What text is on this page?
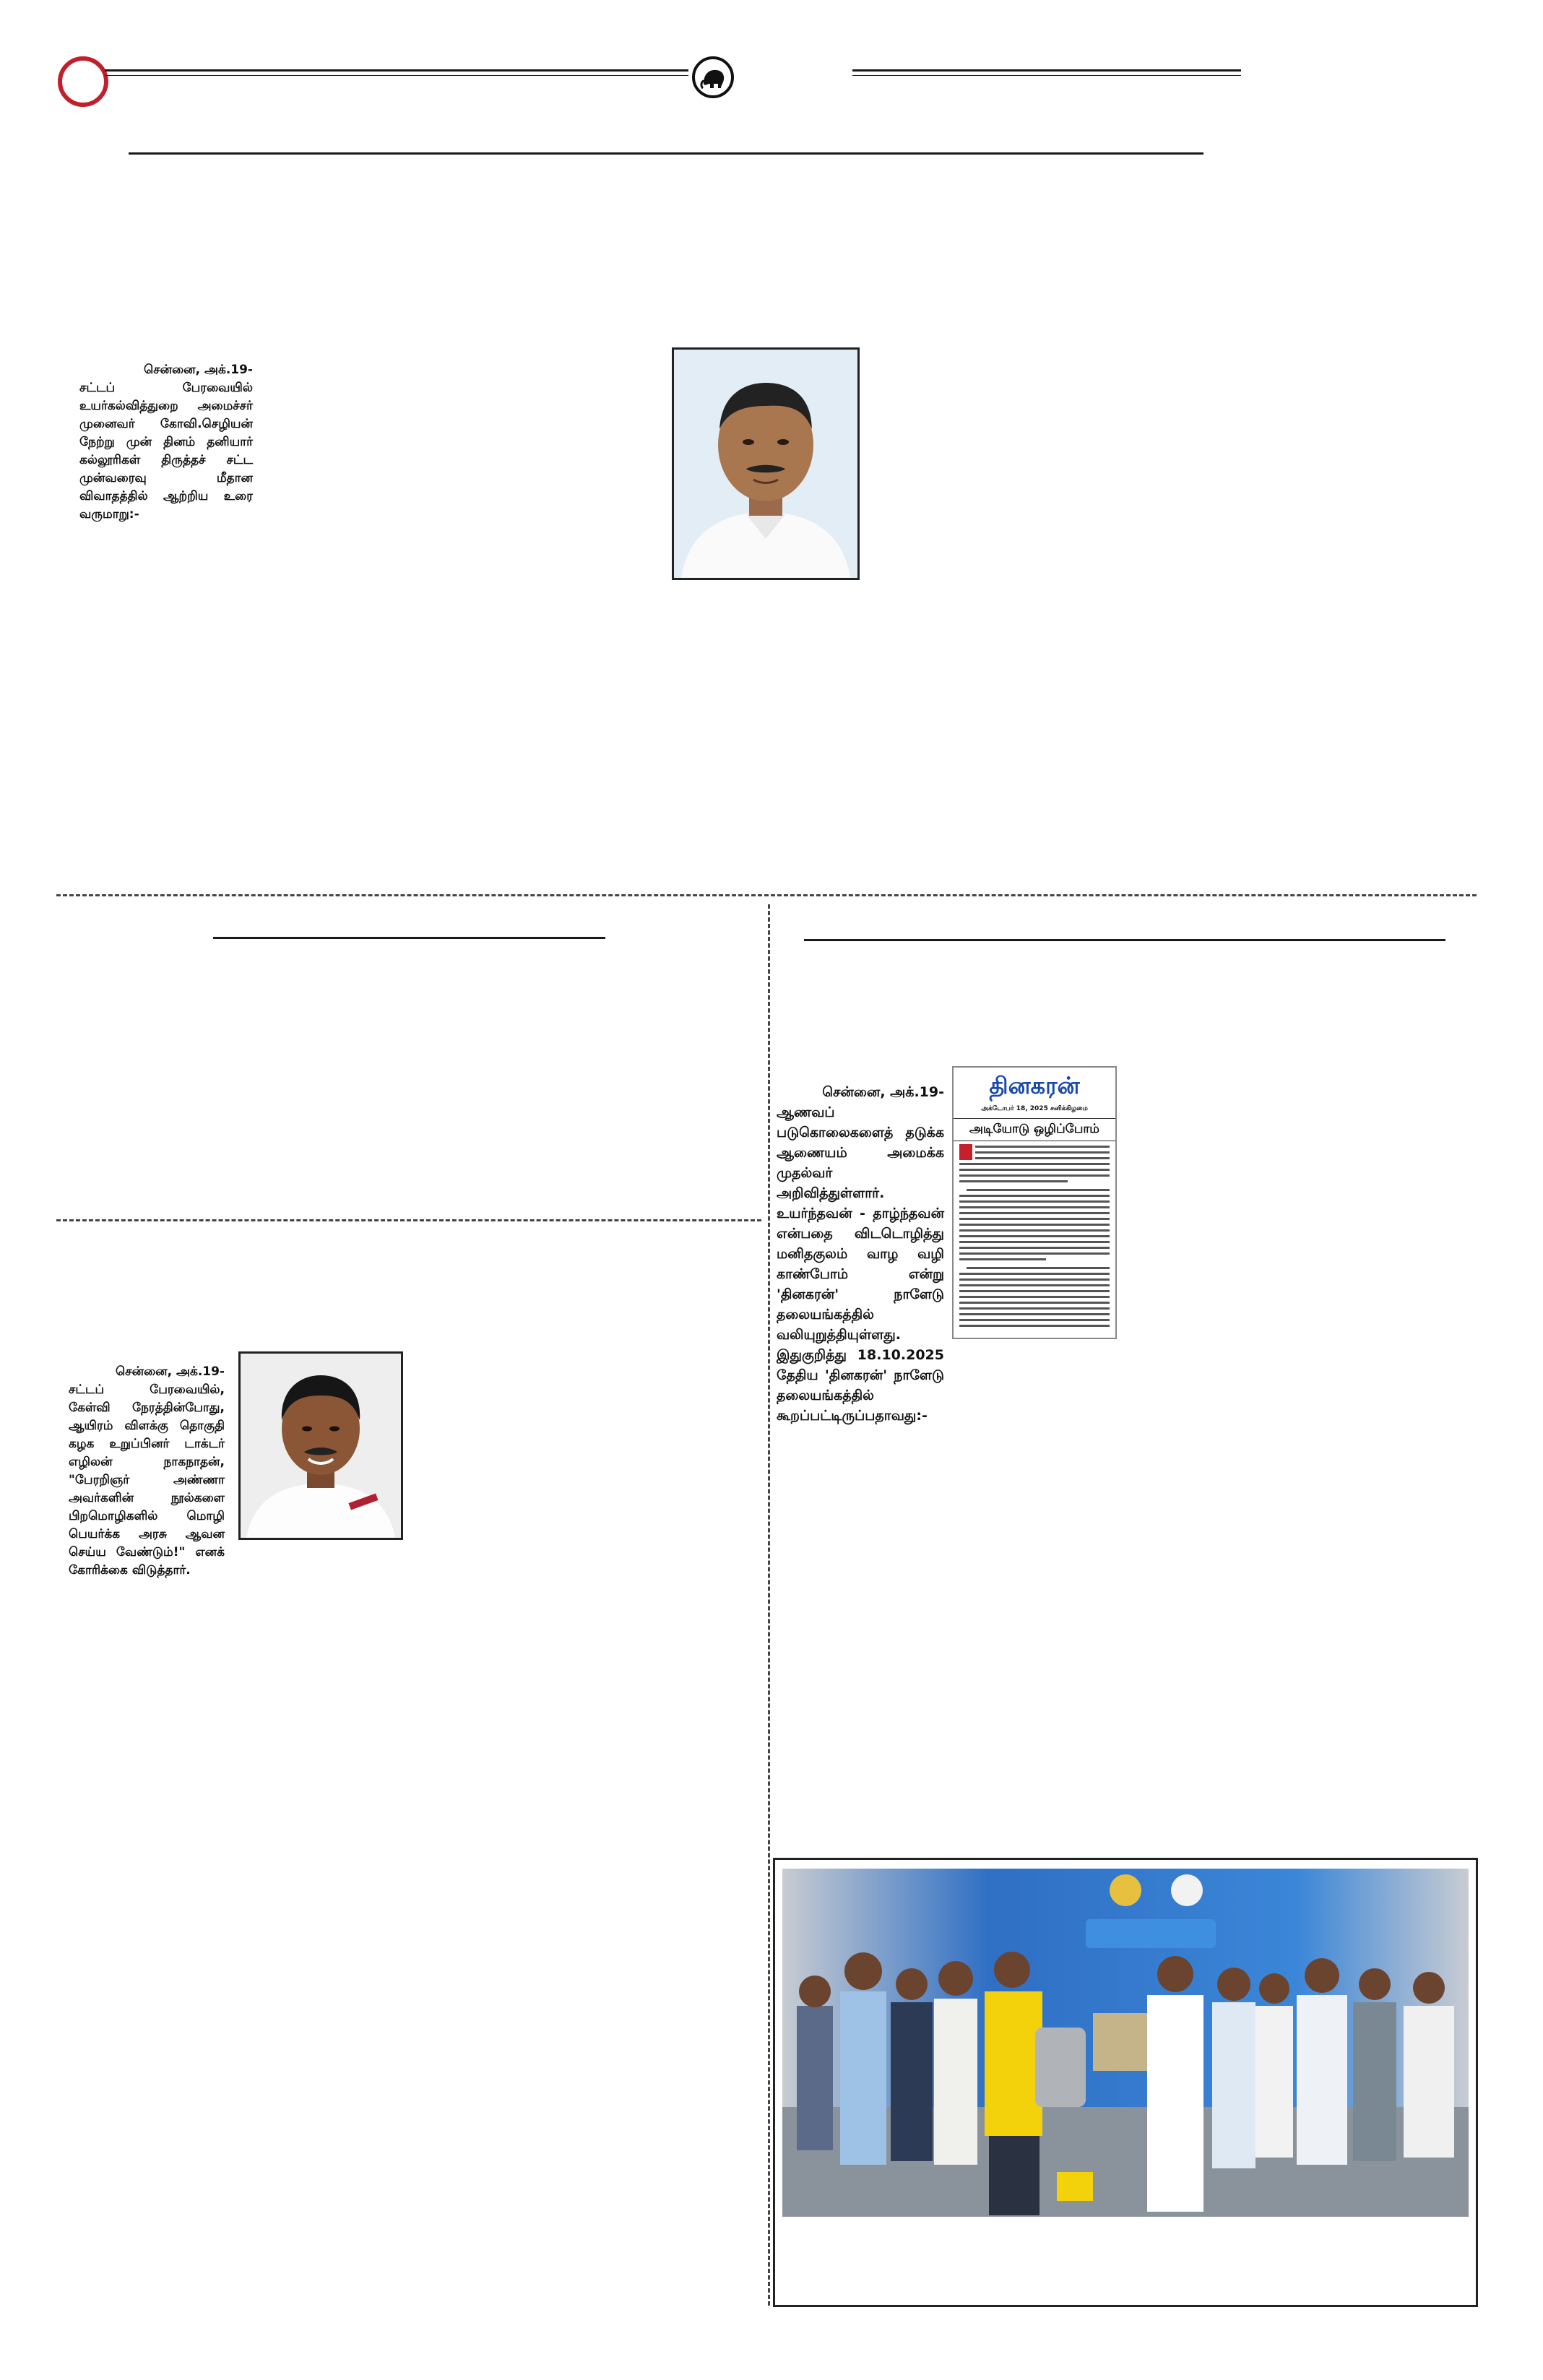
சென்னை, அக்.19-
சட்டப் பேரவையில் உயர்கல்வித்துறை அமைச்சர் முனைவர் கோவி.செழியன் நேற்று முன் தினம் தனியார் கல்லூரிகள் திருத்தச் சட்ட முன்வரைவு மீதான விவாதத்தில் ஆற்றிய உரை வருமாறு:-

சென்னை, அக்.19-
சட்டப் பேரவையில், கேள்வி நேரத்தின்போது, ஆயிரம் விளக்கு தொகுதி கழக உறுப்பினர் டாக்டர் எழிலன் நாகநாதன், "பேரறிஞர் அண்ணா அவர்களின் நூல்களை பிறமொழிகளில் மொழி பெயர்க்க அரசு ஆவன செய்ய வேண்டும்!" எனக் கோரிக்கை விடுத்தார்.

சென்னை, அக்.19-
ஆணவப் படுகொலைகளைத் தடுக்க ஆணையம் அமைக்க முதல்வர் அறிவித்துள்ளார். உயர்ந்தவன் - தாழ்ந்தவன் என்பதை விடடொழித்து மனிதகுலம் வாழ வழி காண்போம் என்று 'தினகரன்' நாளேடு தலையங்கத்தில் வலியுறுத்தியுள்ளது.
இதுகுறித்து 18.10.2025 தேதிய 'தினகரன்' நாளேடு தலையங்கத்தில் கூறப்பட்டிருப்பதாவது:-

தினகரன்
அக்டோபர் 18, 2025 சனிக்கிழமை
அடியோடு ஒழிப்போம்
